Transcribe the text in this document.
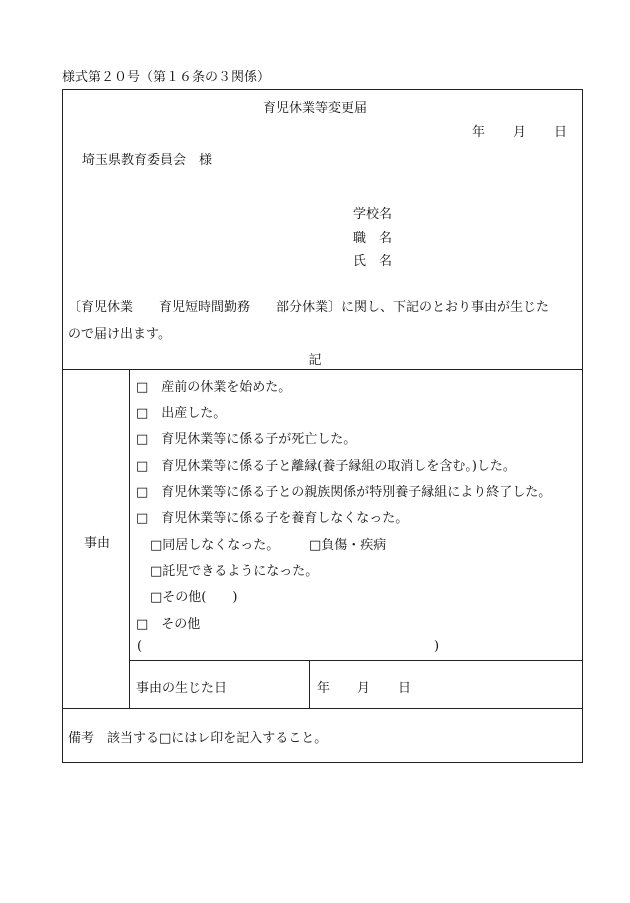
様式第２０号（第１６条の３関係）
育児休業等変更届
年 月 日
埼玉県教育委員会　様
学校名
職　名
氏　名
〔育児休業　　育児短時間勤務　　部分休業〕に関し、下記のとおり事由が生じた
ので届け出ます。
記
事由
□　産前の休業を始めた。
□　出産した。
□　育児休業等に係る子が死亡した。
□　育児休業等に係る子と離縁(養子縁組の取消しを含む。)した。
□　育児休業等に係る子との親族関係が特別養子縁組により終了した。
□　育児休業等に係る子を養育しなくなった。
□同居しなくなった。 □負傷・疾病
□託児できるようになった。
□その他(　　)
□　その他
(	)
事由の生じた日	年 月 日
備考　該当する□にはレ印を記入すること。
